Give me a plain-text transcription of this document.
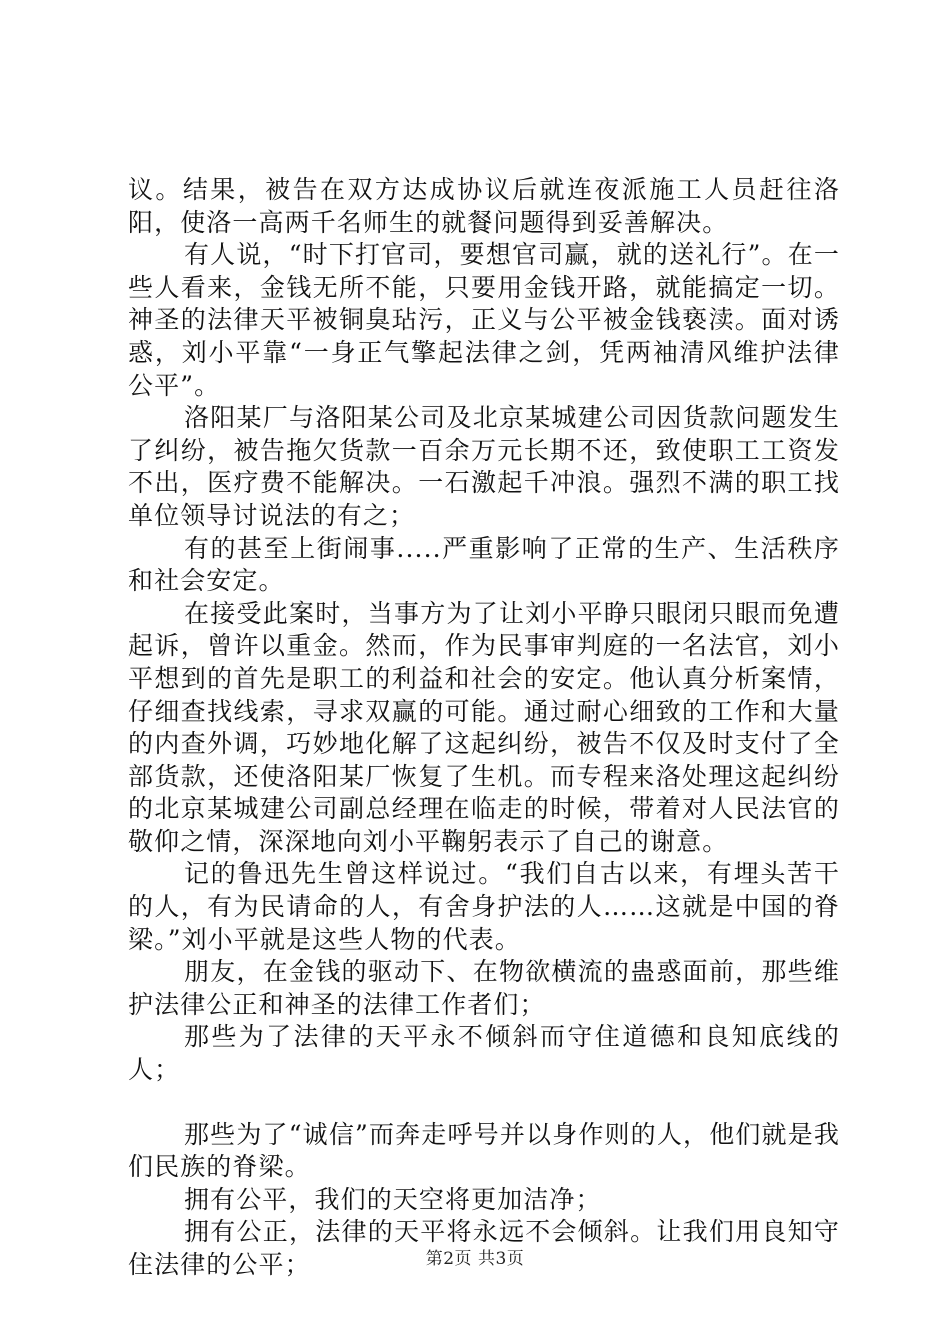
议。结果，被告在双方达成协议后就连夜派施工人员赶往洛阳，使洛一高两千名师生的就餐问题得到妥善解决。

有人说，“时下打官司，要想官司赢，就的送礼行”。在一些人看来，金钱无所不能，只要用金钱开路，就能搞定一切。神圣的法律天平被铜臭玷污，正义与公平被金钱亵渎。面对诱惑，刘小平靠“一身正气擎起法律之剑，凭两袖清风维护法律公平”。

洛阳某厂与洛阳某公司及北京某城建公司因货款问题发生了纠纷，被告拖欠货款一百余万元长期不还，致使职工工资发不出，医疗费不能解决。一石激起千冲浪。强烈不满的职工找单位领导讨说法的有之；

有的甚至上街闹事.....严重影响了正常的生产、生活秩序和社会安定。

在接受此案时，当事方为了让刘小平睁只眼闭只眼而免遭起诉，曾许以重金。然而，作为民事审判庭的一名法官，刘小平想到的首先是职工的利益和社会的安定。他认真分析案情，仔细查找线索，寻求双赢的可能。通过耐心细致的工作和大量的内查外调，巧妙地化解了这起纠纷，被告不仅及时支付了全部货款，还使洛阳某厂恢复了生机。而专程来洛处理这起纠纷的北京某城建公司副总经理在临走的时候，带着对人民法官的敬仰之情，深深地向刘小平鞠躬表示了自己的谢意。

记的鲁迅先生曾这样说过。“我们自古以来，有埋头苦干的人，有为民请命的人，有舍身护法的人……这就是中国的脊梁。”刘小平就是这些人物的代表。

朋友，在金钱的驱动下、在物欲横流的蛊惑面前，那些维护法律公正和神圣的法律工作者们；

那些为了法律的天平永不倾斜而守住道德和良知底线的人；

那些为了“诚信”而奔走呼号并以身作则的人，他们就是我们民族的脊梁。

拥有公平，我们的天空将更加洁净；

拥有公正，法律的天平将永远不会倾斜。让我们用良知守住法律的公平；	第2页 共3页
